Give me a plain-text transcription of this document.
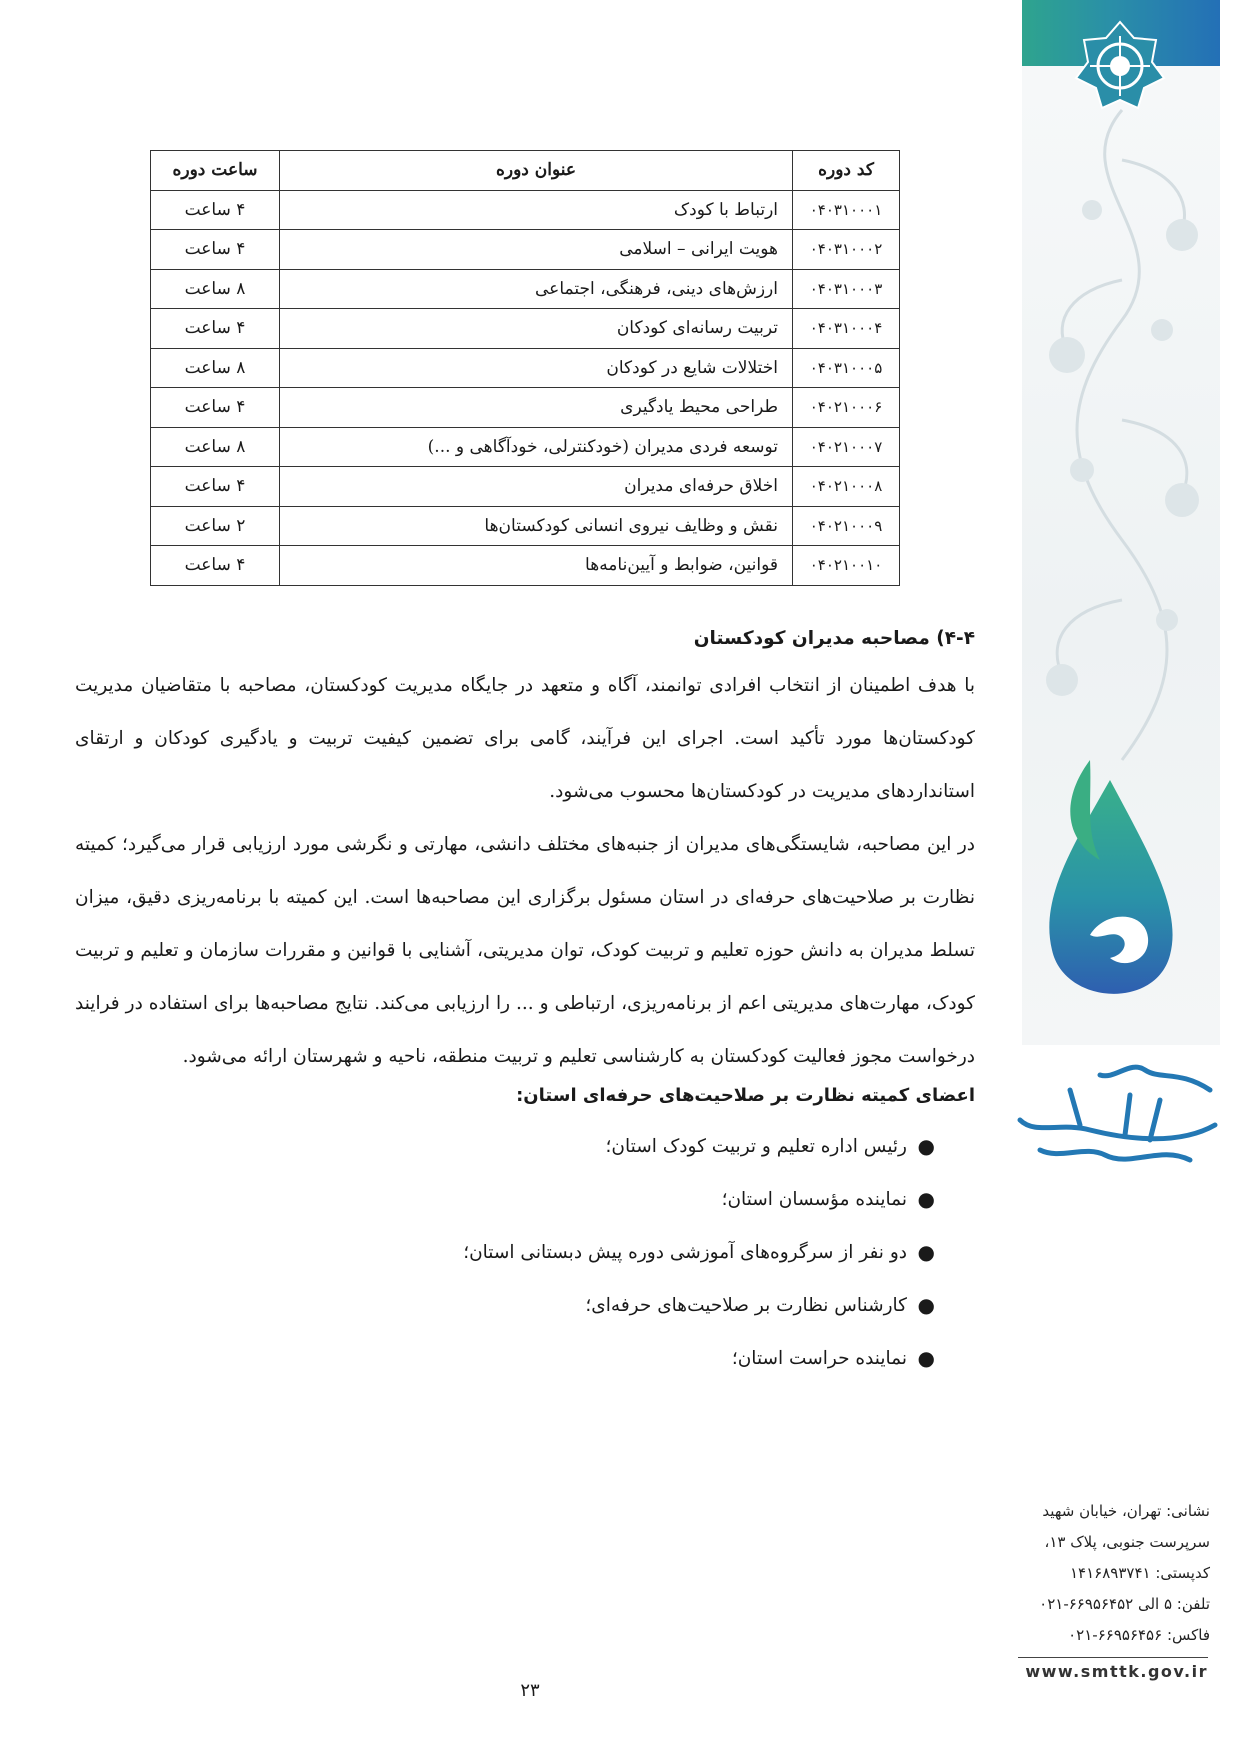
سازمان ملی تعلیم و تربیت کودک
کد دوره	عنوان دوره	ساعت دوره
۰۴۰۳۱۰۰۰۱	ارتباط با کودک	۴ ساعت
۰۴۰۳۱۰۰۰۲	هویت ایرانی – اسلامی	۴ ساعت
۰۴۰۳۱۰۰۰۳	ارزش‌های دینی، فرهنگی، اجتماعی	۸ ساعت
۰۴۰۳۱۰۰۰۴	تربیت رسانه‌ای کودکان	۴ ساعت
۰۴۰۳۱۰۰۰۵	اختلالات شایع در کودکان	۸ ساعت
۰۴۰۲۱۰۰۰۶	طراحی محیط یادگیری	۴ ساعت
۰۴۰۲۱۰۰۰۷	توسعه فردی مدیران (خودکنترلی، خودآگاهی و ...)	۸ ساعت
۰۴۰۲۱۰۰۰۸	اخلاق حرفه‌ای مدیران	۴ ساعت
۰۴۰۲۱۰۰۰۹	نقش و وظایف نیروی انسانی کودکستان‌ها	۲ ساعت
۰۴۰۲۱۰۰۱۰	قوانین، ضوابط و آیین‌نامه‌ها	۴ ساعت
۴-۴) مصاحبه مدیران کودکستان

با هدف اطمینان از انتخاب افرادی توانمند، آگاه و متعهد در جایگاه مدیریت کودکستان، مصاحبه با متقاضیان مدیریت کودکستان‌ها مورد تأکید است. اجرای این فرآیند، گامی برای تضمین کیفیت تربیت و یادگیری کودکان و ارتقای استانداردهای مدیریت در کودکستان‌ها محسوب می‌شود.

در این مصاحبه، شایستگی‌های مدیران از جنبه‌های مختلف دانشی، مهارتی و نگرشی مورد ارزیابی قرار می‌گیرد؛ کمیته نظارت بر صلاحیت‌های حرفه‌ای در استان مسئول برگزاری این مصاحبه‌ها است. این کمیته با برنامه‌ریزی دقیق، میزان تسلط مدیران به دانش حوزه تعلیم و تربیت کودک، توان مدیریتی، آشنایی با قوانین و مقررات سازمان و تعلیم و تربیت کودک، مهارت‌های مدیریتی اعم از برنامه‌ریزی، ارتباطی و ... را ارزیابی می‌کند. نتایج مصاحبه‌ها برای استفاده در فرایند درخواست مجوز فعالیت کودکستان به کارشناسی تعلیم و تربیت منطقه، ناحیه و شهرستان ارائه می‌شود.

اعضای کمیته نظارت بر صلاحیت‌های حرفه‌ای استان:
●
رئیس اداره تعلیم و تربیت کودک استان؛
●
نماینده مؤسسان استان؛
●
دو نفر از سرگروه‌های آموزشی دوره پیش دبستانی استان؛
●
کارشناس نظارت بر صلاحیت‌های حرفه‌ای؛
●
نماینده حراست استان؛
نشانی: تهران، خیابان شهید
سرپرست جنوبی، پلاک ۱۳،
کدپستی: ۱۴۱۶۸۹۳۷۴۱
تلفن: ۵ الی ۶۶۹۵۶۴۵۲-۰۲۱
فاکس: ۶۶۹۵۶۴۵۶-۰۲۱
www.smttk.gov.ir
۲۳
